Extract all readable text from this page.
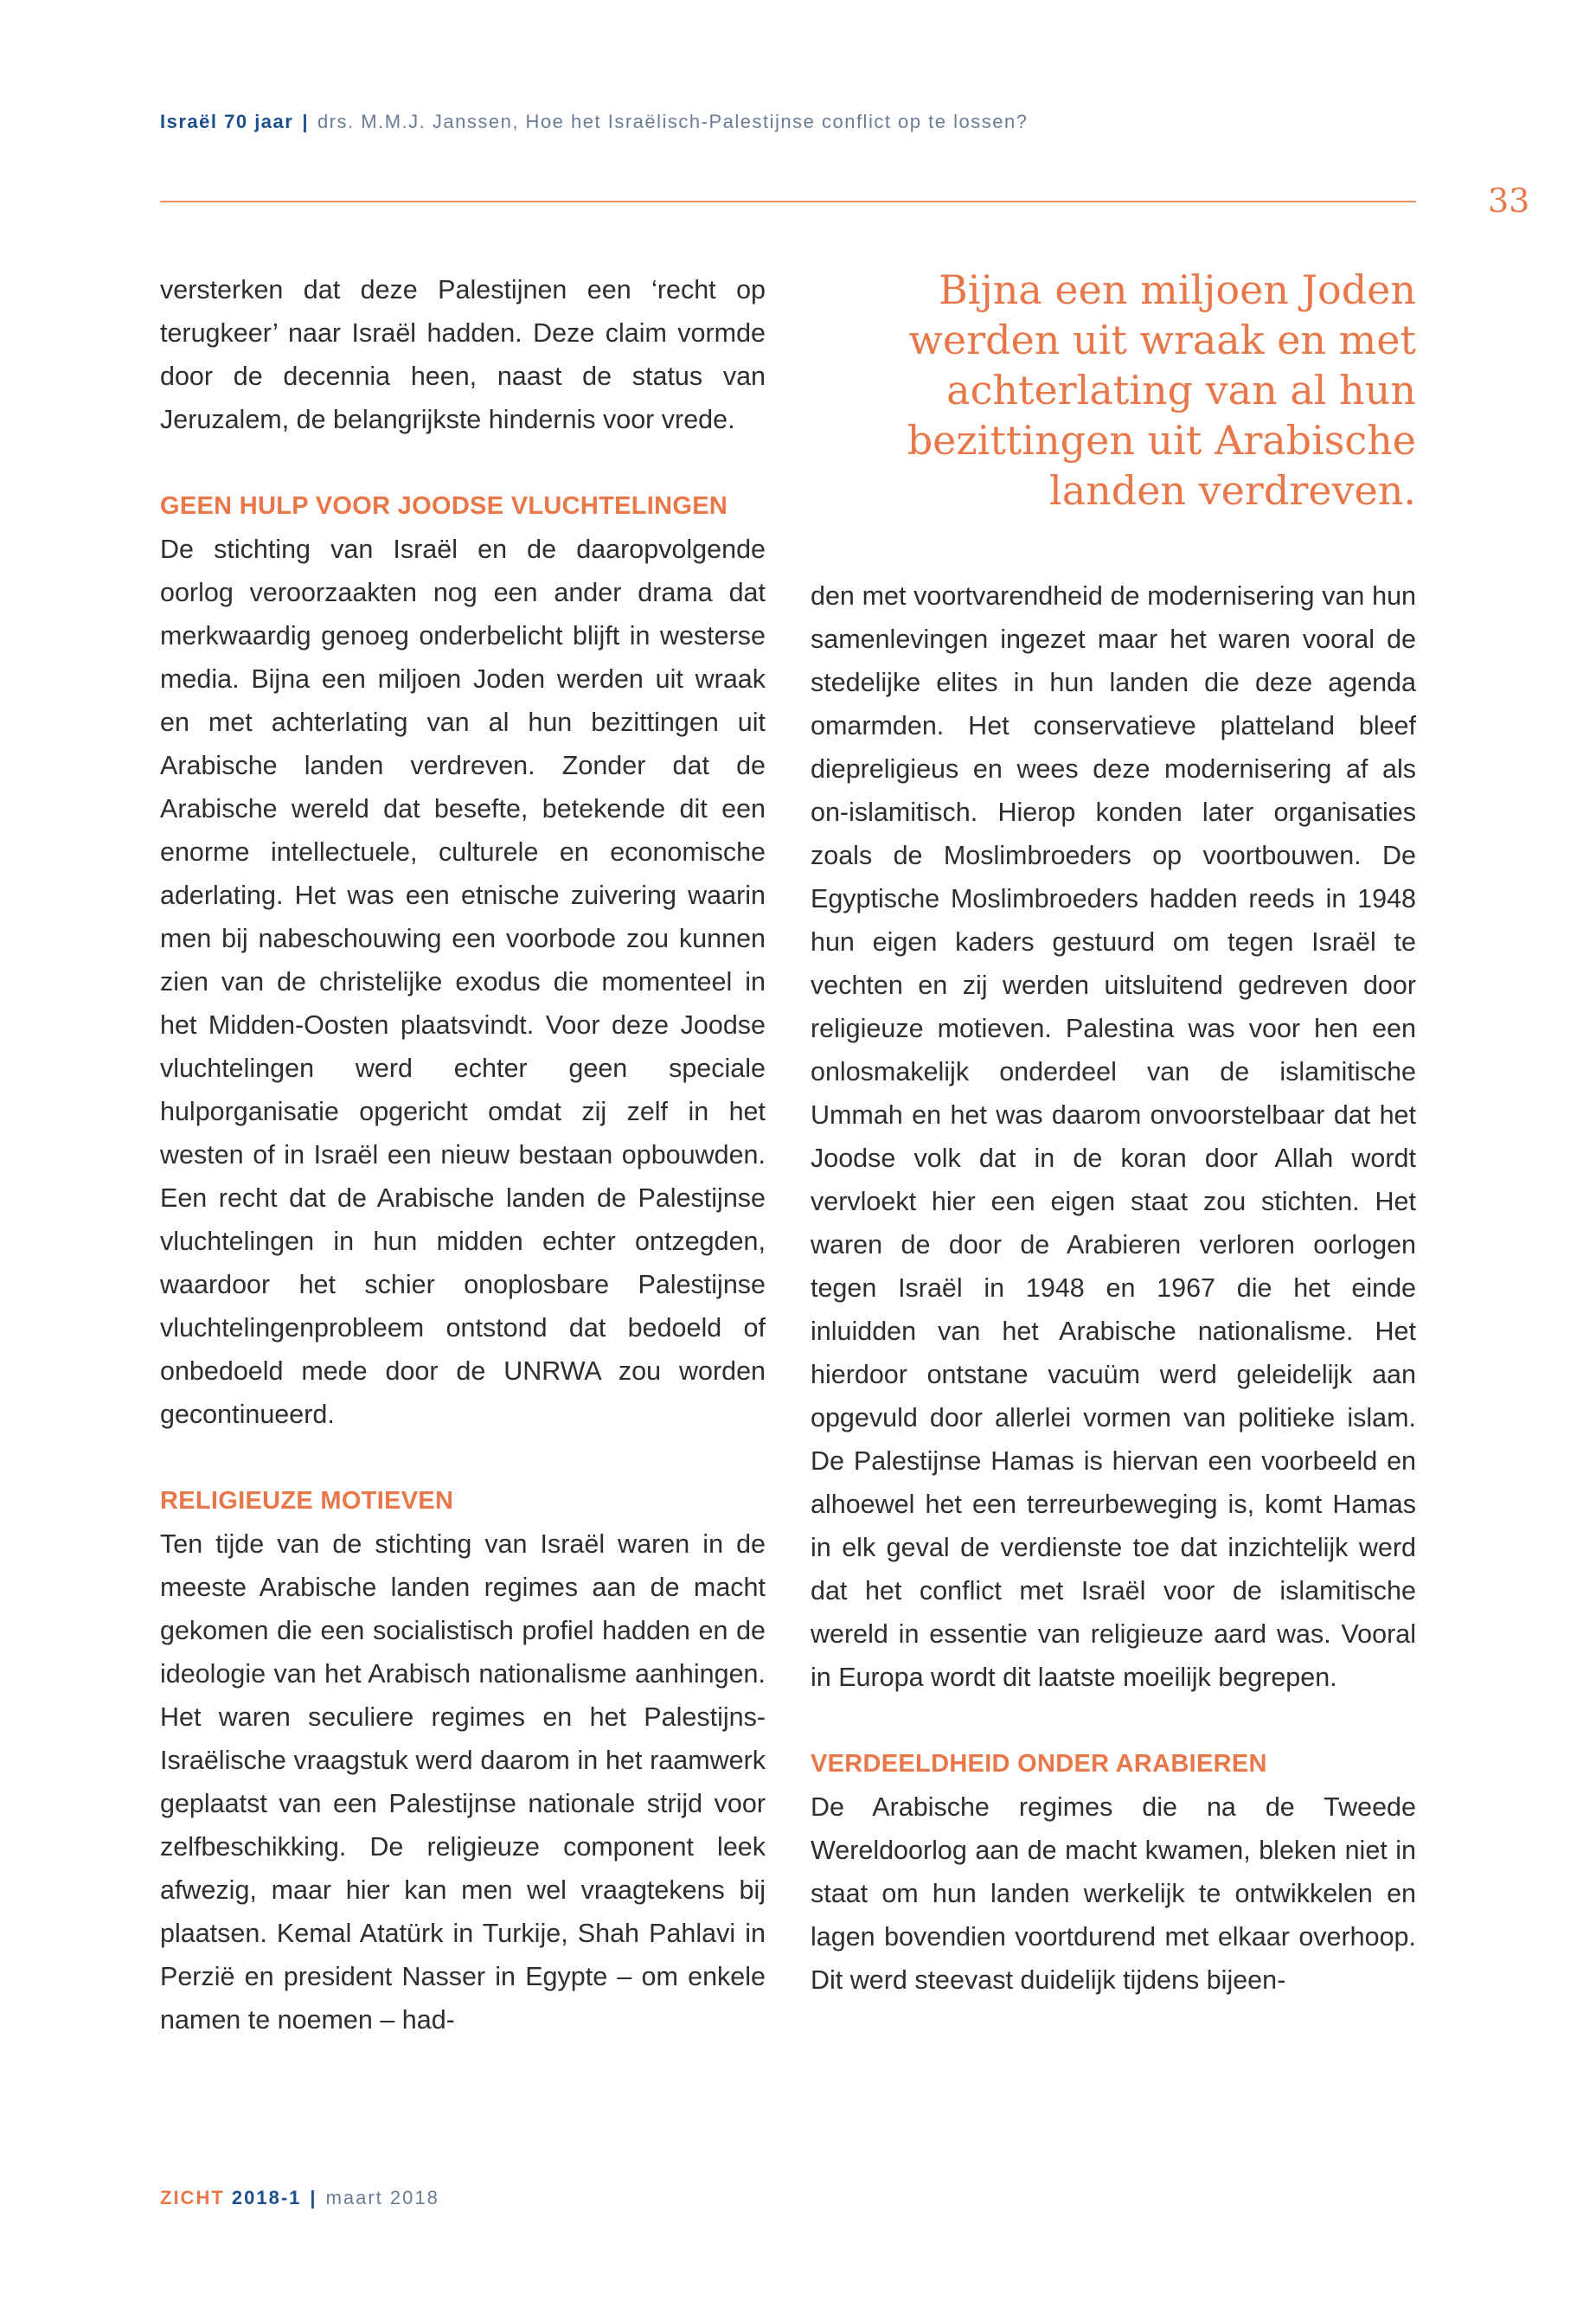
Israël 70 jaar | drs. M.M.J. Janssen, Hoe het Israëlisch-Palestijnse conflict op te lossen?
33
Bijna een miljoen Joden werden uit wraak en met achterlating van al hun bezittingen uit Arabische landen verdreven.

versterken dat deze Palestijnen een ‘recht op terugkeer’ naar Israël hadden. Deze claim vormde door de decennia heen, naast de status van Jeruzalem, de belangrijkste hindernis voor vrede.

GEEN HULP VOOR JOODSE VLUCHTELINGEN

De stichting van Israël en de daaropvolgende oorlog veroorzaakten nog een ander drama dat merkwaardig genoeg onderbelicht blijft in westerse media. Bijna een miljoen Joden werden uit wraak en met achterlating van al hun bezittingen uit Arabische landen verdreven. Zonder dat de Arabische wereld dat besefte, betekende dit een enorme intellectuele, culturele en economische aderlating. Het was een etnische zuivering waarin men bij nabeschouwing een voorbode zou kunnen zien van de christelijke exodus die momenteel in het Midden-Oosten plaatsvindt. Voor deze Joodse vluchtelingen werd echter geen speciale hulporganisatie opgericht omdat zij zelf in het westen of in Israël een nieuw bestaan opbouwden. Een recht dat de Arabische landen de Palestijnse vluchtelingen in hun midden echter ontzegden, waardoor het schier onoplosbare Palestijnse vluchtelingenprobleem ontstond dat bedoeld of onbedoeld mede door de UNRWA zou worden gecontinueerd.

RELIGIEUZE MOTIEVEN

Ten tijde van de stichting van Israël waren in de meeste Arabische landen regimes aan de macht gekomen die een socialistisch profiel hadden en de ideologie van het Arabisch nationalisme aanhingen. Het waren seculiere regimes en het Palestijns-Israëlische vraagstuk werd daarom in het raamwerk geplaatst van een Palestijnse nationale strijd voor zelfbeschikking. De religieuze component leek afwezig, maar hier kan men wel vraagtekens bij plaatsen. Kemal Atatürk in Turkije, Shah Pahlavi in Perzië en president Nasser in Egypte – om enkele namen te noemen – had-

den met voortvarendheid de modernisering van hun samenlevingen ingezet maar het waren vooral de stedelijke elites in hun landen die deze agenda omarmden. Het conservatieve platteland bleef diepreligieus en wees deze modernisering af als on-islamitisch. Hierop konden later organisaties zoals de Moslimbroeders op voortbouwen. De Egyptische Moslimbroeders hadden reeds in 1948 hun eigen kaders gestuurd om tegen Israël te vechten en zij werden uitsluitend gedreven door religieuze motieven. Palestina was voor hen een onlosmakelijk onderdeel van de islamitische Ummah en het was daarom onvoorstelbaar dat het Joodse volk dat in de koran door Allah wordt vervloekt hier een eigen staat zou stichten. Het waren de door de Arabieren verloren oorlogen tegen Israël in 1948 en 1967 die het einde inluidden van het Arabische nationalisme. Het hierdoor ontstane vacuüm werd geleidelijk aan opgevuld door allerlei vormen van politieke islam. De Palestijnse Hamas is hiervan een voorbeeld en alhoewel het een terreurbeweging is, komt Hamas in elk geval de verdienste toe dat inzichtelijk werd dat het conflict met Israël voor de islamitische wereld in essentie van religieuze aard was. Vooral in Europa wordt dit laatste moeilijk begrepen.

VERDEELDHEID ONDER ARABIEREN

De Arabische regimes die na de Tweede Wereldoorlog aan de macht kwamen, bleken niet in staat om hun landen werkelijk te ontwikkelen en lagen bovendien voortdurend met elkaar overhoop. Dit werd steevast duidelijk tijdens bijeen-

ZICHT 2018-1 | maart 2018
